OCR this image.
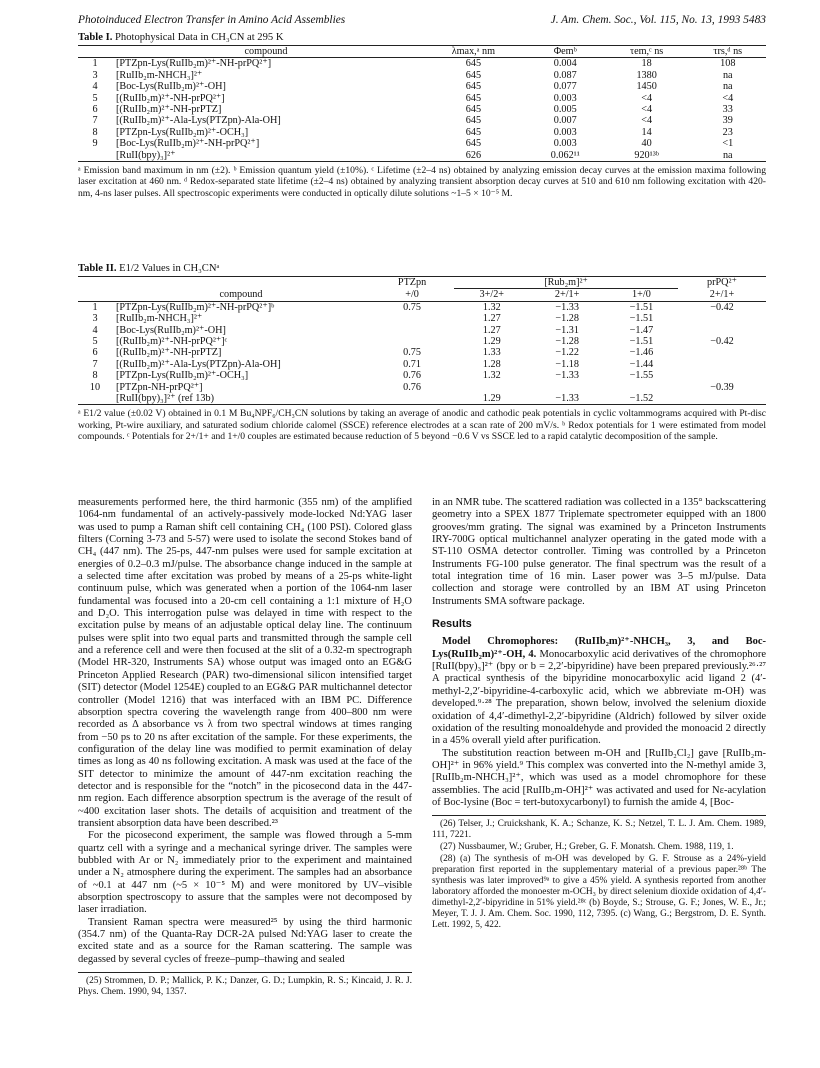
Photoinduced Electron Transfer in Amino Acid Assemblies	J. Am. Chem. Soc., Vol. 115, No. 13, 1993 5483

Table I. Photophysical Data in CH₃CN at 295 K

	compound	λmax,ᵃ nm	Φemᵇ	τem,ᶜ ns	τrs,ᵈ ns
1	[PTZpn-Lys(RuIIb₂m)²⁺-NH-prPQ²⁺]	645	0.004	18	108
3	[RuIIb₂m-NHCH₃]²⁺	645	0.087	1380	na
4	[Boc-Lys(RuIIb₂m)²⁺-OH]	645	0.077	1450	na
5	[(RuIIb₂m)²⁺-NH-prPQ²⁺]	645	0.003	<4	<4
6	[(RuIIb₂m)²⁺-NH-prPTZ]	645	0.005	<4	33
7	[(RuIIb₂m)²⁺-Ala-Lys(PTZpn)-Ala-OH]	645	0.007	<4	39
8	[PTZpn-Lys(RuIIb₂m)²⁺-OCH₃]	645	0.003	14	23
9	[Boc-Lys(RuIIb₂m)²⁺-NH-prPQ²⁺]	645	0.003	40	<1
	[RuII(bpy)₃]²⁺	626	0.062¹¹	920¹³ᵇ	na

ᵃ Emission band maximum in nm (±2). ᵇ Emission quantum yield (±10%). ᶜ Lifetime (±2–4 ns) obtained by analyzing emission decay curves at the emission maxima following laser excitation at 460 nm. ᵈ Redox-separated state lifetime (±2–4 ns) obtained by analyzing transient absorption decay curves at 510 and 610 nm following excitation with 420-nm, 4-ns laser pulses. All spectroscopic experiments were conducted in optically dilute solutions ~1–5 × 10⁻⁵ M.

Table II. E1/2 Values in CH₃CNᵃ

		PTZpn	[Rub₂m]²⁺			prPQ²⁺
	compound	+/0	3+/2+	2+/1+	1+/0	2+/1+
1	[PTZpn-Lys(RuIIb₂m)²⁺-NH-prPQ²⁺]ᵇ	0.75	1.32	−1.33	−1.51	−0.42
3	[RuIIb₂m-NHCH₃]²⁺		1.27	−1.28	−1.51	
4	[Boc-Lys(RuIIb₂m)²⁺-OH]		1.27	−1.31	−1.47	
5	[(RuIIb₂m)²⁺-NH-prPQ²⁺]ᶜ		1.29	−1.28	−1.51	−0.42
6	[(RuIIb₂m)²⁺-NH-prPTZ]	0.75	1.33	−1.22	−1.46	
7	[(RuIIb₂m)²⁺-Ala-Lys(PTZpn)-Ala-OH]	0.71	1.28	−1.18	−1.44	
8	[PTZpn-Lys(RuIIb₂m)²⁺-OCH₃]	0.76	1.32	−1.33	−1.55	
10	[PTZpn-NH-prPQ²⁺]	0.76				−0.39
	[RuII(bpy)₃]²⁺ (ref 13b)		1.29	−1.33	−1.52	

ᵃ E1/2 value (±0.02 V) obtained in 0.1 M Bu₄NPF₆/CH₃CN solutions by taking an average of anodic and cathodic peak potentials in cyclic voltammograms acquired with Pt-disc working, Pt-wire auxiliary, and saturated sodium chloride calomel (SSCE) reference electrodes at a scan rate of 200 mV/s. ᵇ Redox potentials for 1 were estimated from model compounds. ᶜ Potentials for 2+/1+ and 1+/0 couples are estimated because reduction of 5 beyond −0.6 V vs SSCE led to a rapid catalytic decomposition of the sample.

measurements performed here, the third harmonic (355 nm) of the amplified 1064-nm fundamental of an actively-passively mode-locked Nd:YAG laser was used to pump a Raman shift cell containing CH₄ (100 PSI). Colored glass filters (Corning 3-73 and 5-57) were used to isolate the second Stokes band of CH₄ (447 nm). The 25-ps, 447-nm pulses were used for sample excitation at energies of 0.2–0.3 mJ/pulse. The absorbance change induced in the sample at a selected time after excitation was probed by means of a 25-ps white-light continuum pulse, which was generated when a portion of the 1064-nm laser fundamental was focused into a 20-cm cell containing a 1:1 mixture of H₂O and D₂O. This interrogation pulse was delayed in time with respect to the excitation pulse by means of an adjustable optical delay line. The continuum pulses were split into two equal parts and transmitted through the sample cell and a reference cell and were then focused at the slit of a 0.32-m spectrograph (Model HR-320, Instruments SA) whose output was imaged onto an EG&G Princeton Applied Research (PAR) two-dimensional silicon intensified target (SIT) detector (Model 1254E) coupled to an EG&G PAR multichannel detector controller (Model 1216) that was interfaced with an IBM PC. Difference absorption spectra covering the wavelength range from 400–800 nm were recorded as Δ absorbance vs λ from two spectral windows at times ranging from −50 ps to 20 ns after excitation of the sample. For these experiments, the configuration of the delay line was modified to permit examination of delay times as long as 40 ns following excitation. A mask was used at the face of the SIT detector to minimize the amount of 447-nm excitation reaching the detector and is responsible for the “notch” in the picosecond data in the 447-nm region. Each difference absorption spectrum is the average of the result of ~400 excitation laser shots. The details of acquisition and treatment of the transient absorption data have been described.²³

For the picosecond experiment, the sample was flowed through a 5-mm quartz cell with a syringe and a mechanical syringe driver. The samples were bubbled with Ar or N₂ immediately prior to the experiment and maintained under a N₂ atmosphere during the experiment. The samples had an absorbance of ~0.1 at 447 nm (~5 × 10⁻⁵ M) and were monitored by UV–visible absorption spectroscopy to assure that the samples were not decomposed by laser irradiation.

Transient Raman spectra were measured²⁵ by using the third harmonic (354.7 nm) of the Quanta-Ray DCR-2A pulsed Nd:YAG laser to create the excited state and as a source for the Raman scattering. The sample was degassed by several cycles of freeze–pump–thawing and sealed

(25) Strommen, D. P.; Mallick, P. K.; Danzer, G. D.; Lumpkin, R. S.; Kincaid, J. R. J. Phys. Chem. 1990, 94, 1357.

in an NMR tube. The scattered radiation was collected in a 135° backscattering geometry into a SPEX 1877 Triplemate spectrometer equipped with an 1800 grooves/mm grating. The signal was examined by a Princeton Instruments IRY-700G optical multichannel analyzer operating in the gated mode with a ST-110 OSMA detector controller. Timing was controlled by a Princeton Instruments FG-100 pulse generator. The final spectrum was the result of a total integration time of 16 min. Laser power was 3–5 mJ/pulse. Data collection and storage were controlled by an IBM AT using Princeton Instruments SMA software package.

Results

Model Chromophores: (RuIIb₂m)²⁺-NHCH₃, 3, and Boc-Lys(RuIIb₂m)²⁺-OH, 4. Monocarboxylic acid derivatives of the chromophore [RuII(bpy)₃]²⁺ (bpy or b = 2,2′-bipyridine) have been prepared previously.²⁶·²⁷ A practical synthesis of the bipyridine monocarboxylic acid ligand 2 (4′-methyl-2,2′-bipyridine-4-carboxylic acid, which we abbreviate m-OH) was developed.⁹·²⁸ The preparation, shown below, involved the selenium dioxide oxidation of 4,4′-dimethyl-2,2′-bipyridine (Aldrich) followed by silver oxide oxidation of the resulting monoaldehyde and provided the monoacid 2 directly in a 45% overall yield after purification.

The substitution reaction between m-OH and [RuIIb₂Cl₂] gave [RuIIb₂m-OH]²⁺ in 96% yield.⁹ This complex was converted into the N-methyl amide 3, [RuIIb₂m-NHCH₃]²⁺, which was used as a model chromophore for these assemblies. The acid [RuIIb₂m-OH]²⁺ was activated and used for Nε-acylation of Boc-lysine (Boc = tert-butoxycarbonyl) to furnish the amide 4, [Boc-

(26) Telser, J.; Cruickshank, K. A.; Schanze, K. S.; Netzel, T. L. J. Am. Chem. 1989, 111, 7221.

(27) Nussbaumer, W.; Gruber, H.; Greber, G. F. Monatsh. Chem. 1988, 119, 1.

(28) (a) The synthesis of m-OH was developed by G. F. Strouse as a 24%-yield preparation first reported in the supplementary material of a previous paper.²⁸ᵇ The synthesis was later improved⁹ᵃ to give a 45% yield. A synthesis reported from another laboratory afforded the monoester m-OCH₃ by direct selenium dioxide oxidation of 4,4′-dimethyl-2,2′-bipyridine in 51% yield.²⁸ᶜ (b) Boyde, S.; Strouse, G. F.; Jones, W. E., Jr.; Meyer, T. J. J. Am. Chem. Soc. 1990, 112, 7395. (c) Wang, G.; Bergstrom, D. E. Synth. Lett. 1992, 5, 422.
